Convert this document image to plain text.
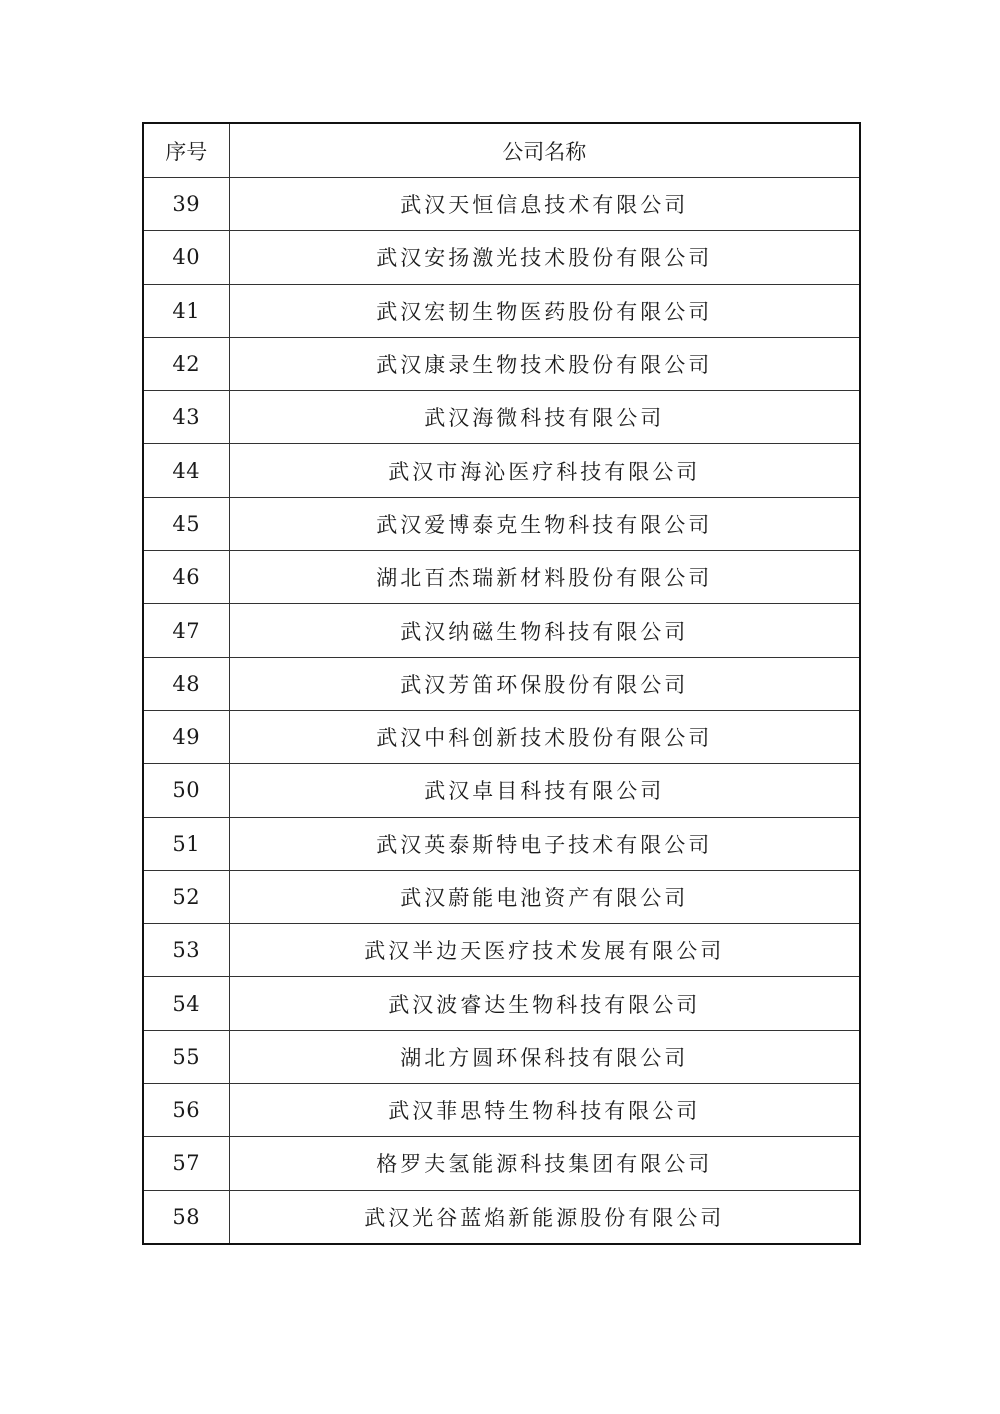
序号	公司名称
39	武汉天恒信息技术有限公司
40	武汉安扬激光技术股份有限公司
41	武汉宏韧生物医药股份有限公司
42	武汉康录生物技术股份有限公司
43	武汉海微科技有限公司
44	武汉市海沁医疗科技有限公司
45	武汉爱博泰克生物科技有限公司
46	湖北百杰瑞新材料股份有限公司
47	武汉纳磁生物科技有限公司
48	武汉芳笛环保股份有限公司
49	武汉中科创新技术股份有限公司
50	武汉卓目科技有限公司
51	武汉英泰斯特电子技术有限公司
52	武汉蔚能电池资产有限公司
53	武汉半边天医疗技术发展有限公司
54	武汉波睿达生物科技有限公司
55	湖北方圆环保科技有限公司
56	武汉菲思特生物科技有限公司
57	格罗夫氢能源科技集团有限公司
58	武汉光谷蓝焰新能源股份有限公司
